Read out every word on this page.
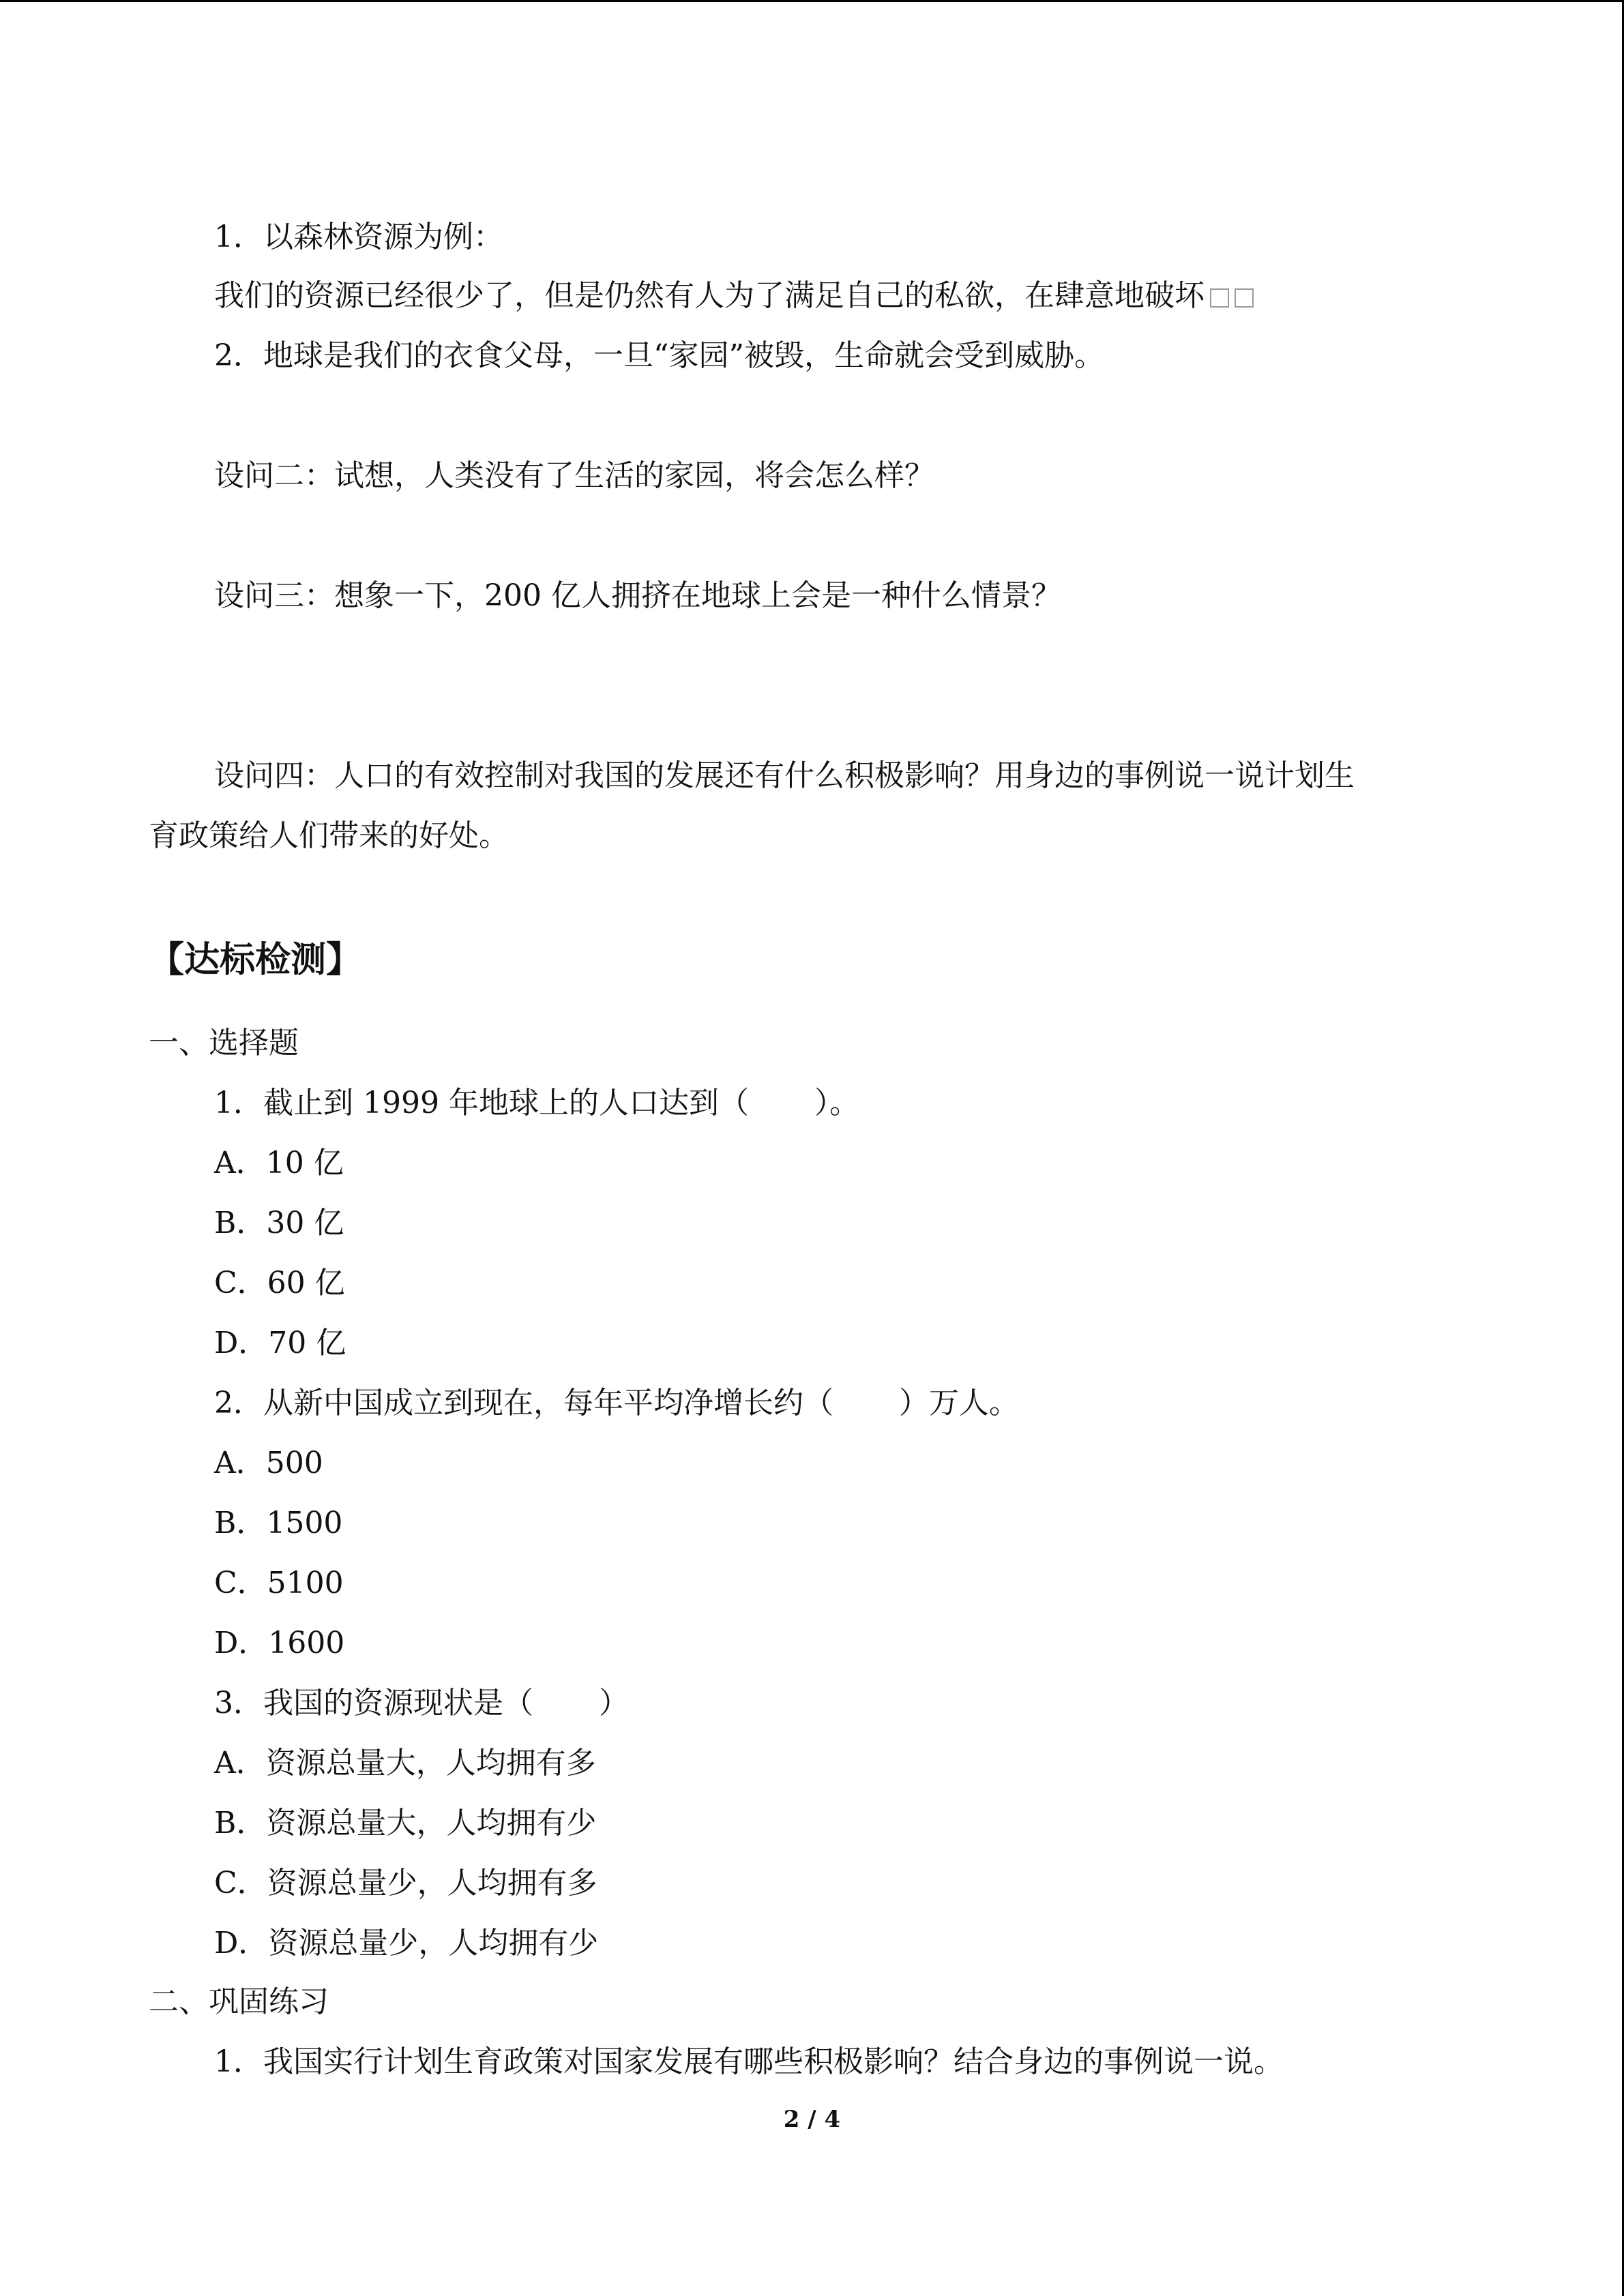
1．以森林资源为例：
我们的资源已经很少了，但是仍然有人为了满足自己的私欲，在肆意地破坏
2．地球是我们的衣食父母，一旦“家园”被毁，生命就会受到威胁。
设问二：试想，人类没有了生活的家园，将会怎么样？
设问三：想象一下，200 亿人拥挤在地球上会是一种什么情景？
设问四：人口的有效控制对我国的发展还有什么积极影响？用身边的事例说一说计划生
育政策给人们带来的好处。
【达标检测】
一、选择题
1．截止到 1999 年地球上的人口达到（ ）。
A．10 亿
B．30 亿
C．60 亿
D．70 亿
2．从新中国成立到现在，每年平均净增长约（ ）万人。
A．500
B．1500
C．5100
D．1600
3．我国的资源现状是（ ）
A．资源总量大，人均拥有多
B．资源总量大，人均拥有少
C．资源总量少，人均拥有多
D．资源总量少，人均拥有少
二、巩固练习
1．我国实行计划生育政策对国家发展有哪些积极影响？结合身边的事例说一说。
2 / 4
